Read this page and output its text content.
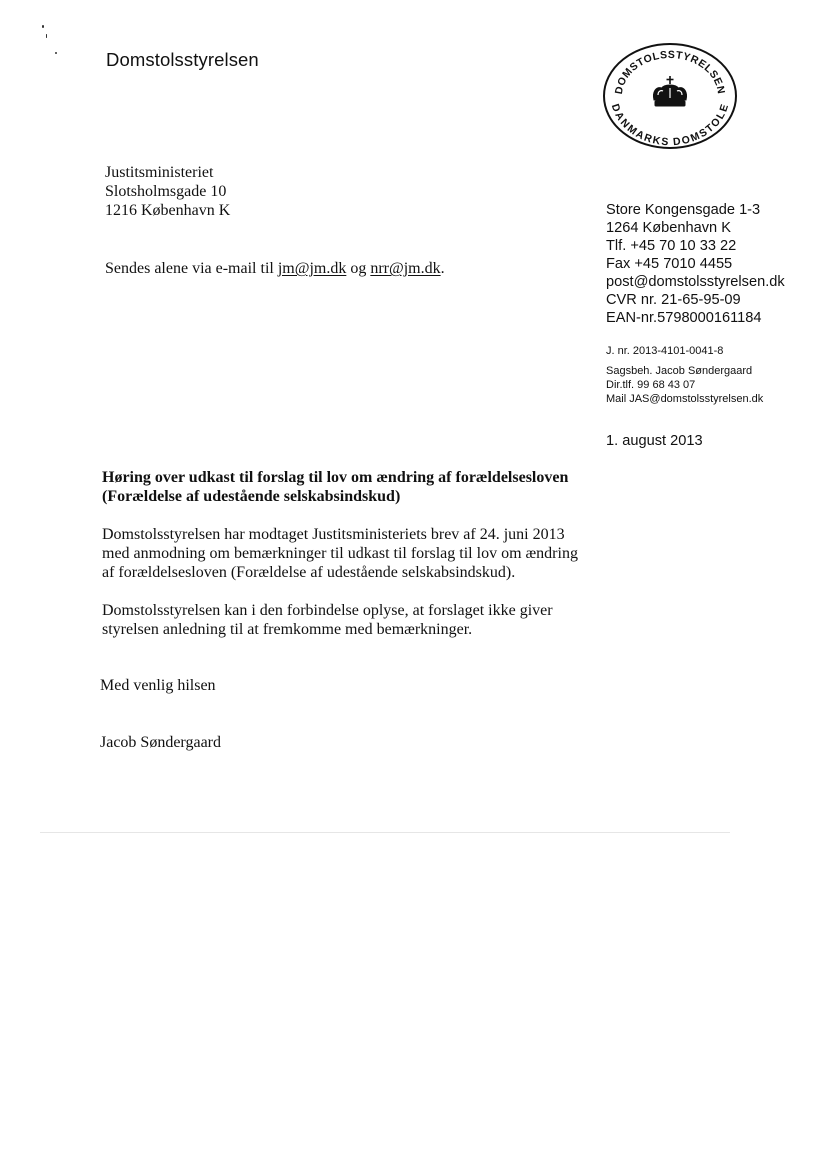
Domstolsstyrelsen
DOMSTOLSSTYRELSEN
DANMARKS DOMSTOLE
Justitsministeriet
Slotsholmsgade 10
1216 København K
Sendes alene via e-mail til jm@jm.dk og nrr@jm.dk.
Store Kongensgade 1-3
1264 København K
Tlf. +45 70 10 33 22
Fax +45 7010 4455
post@domstolsstyrelsen.dk
CVR nr. 21-65-95-09
EAN-nr.5798000161184
J. nr. 2013-4101-0041-8
Sagsbeh. Jacob Søndergaard
Dir.tlf. 99 68 43 07
Mail JAS@domstolsstyrelsen.dk
1. august 2013
Høring over udkast til forslag til lov om ændring af forældelsesloven
(Forældelse af udestående selskabsindskud)
Domstolsstyrelsen har modtaget Justitsministeriets brev af 24. juni 2013
med anmodning om bemærkninger til udkast til forslag til lov om ændring
af forældelsesloven (Forældelse af udestående selskabsindskud).
Domstolsstyrelsen kan i den forbindelse oplyse, at forslaget ikke giver
styrelsen anledning til at fremkomme med bemærkninger.
Med venlig hilsen
Jacob Søndergaard
